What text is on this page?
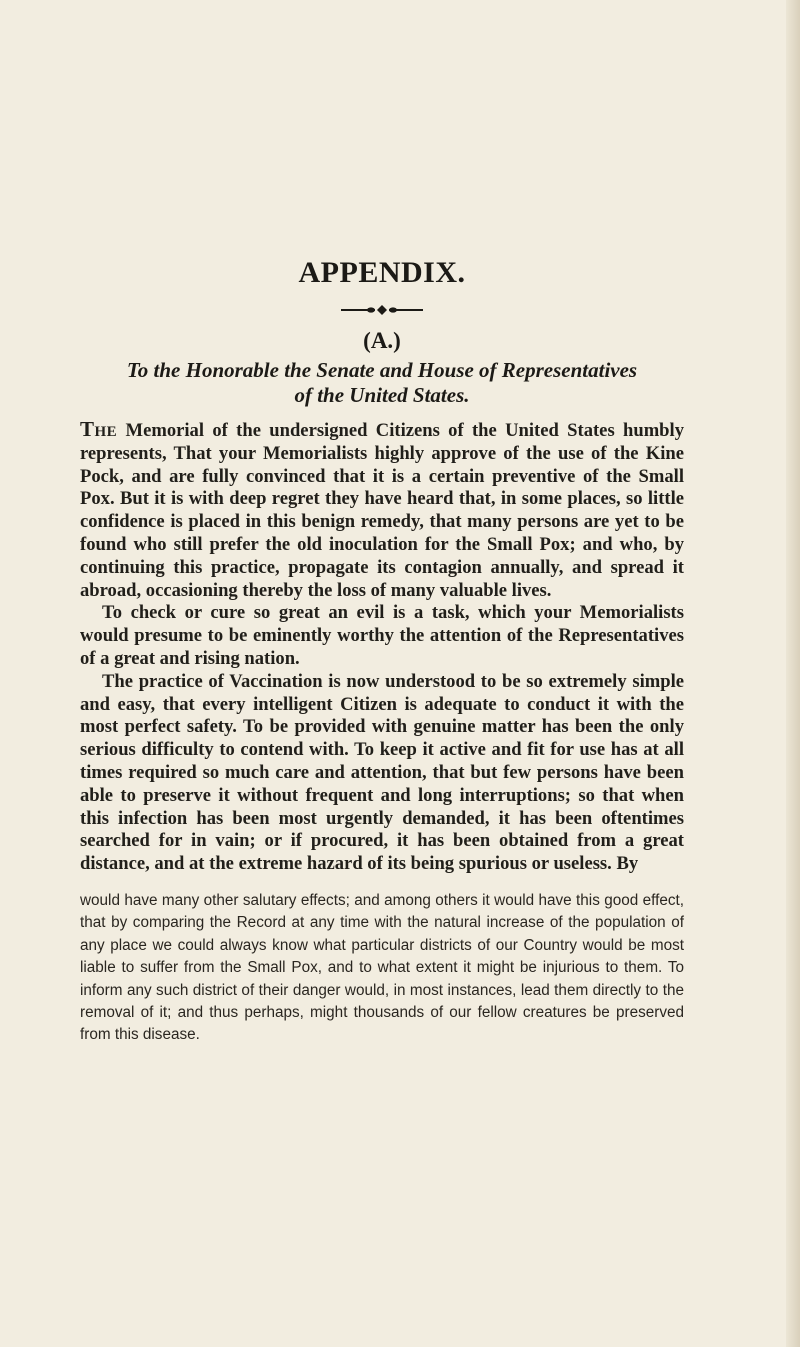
APPENDIX.
(A.)
To the Honorable the Senate and House of Representatives
of the United States.

The Memorial of the undersigned Citizens of the United States humbly represents, That your Memorialists highly approve of the use of the Kine Pock, and are fully convinced that it is a certain preventive of the Small Pox. But it is with deep regret they have heard that, in some places, so little confidence is placed in this benign remedy, that many persons are yet to be found who still prefer the old inoculation for the Small Pox; and who, by continuing this practice, propagate its contagion annually, and spread it abroad, occasioning thereby the loss of many valuable lives.

To check or cure so great an evil is a task, which your Memorialists would presume to be eminently worthy the attention of the Representatives of a great and rising nation.

The practice of Vaccination is now understood to be so extremely simple and easy, that every intelligent Citizen is adequate to conduct it with the most perfect safety. To be provided with genuine matter has been the only serious difficulty to contend with. To keep it active and fit for use has at all times required so much care and attention, that but few persons have been able to preserve it without frequent and long interruptions; so that when this infection has been most urgently demanded, it has been oftentimes searched for in vain; or if procured, it has been obtained from a great distance, and at the extreme hazard of its being spurious or useless. By

would have many other salutary effects; and among others it would have this good effect, that by comparing the Record at any time with the natural increase of the population of any place we could always know what particular districts of our Country would be most liable to suffer from the Small Pox, and to what extent it might be injurious to them. To inform any such district of their danger would, in most instances, lead them directly to the removal of it; and thus perhaps, might thousands of our fellow creatures be preserved from this disease.
